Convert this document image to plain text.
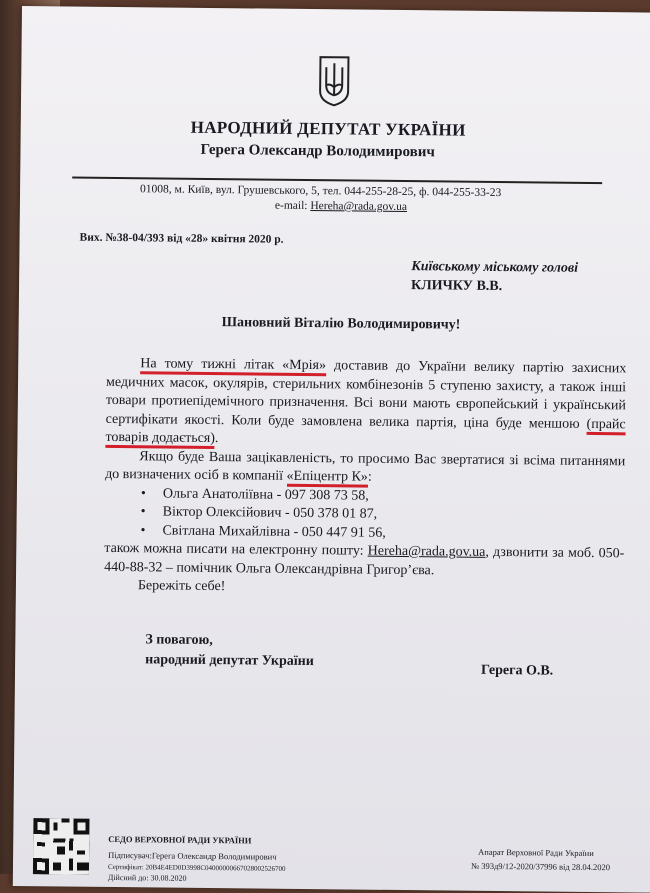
НАРОДНИЙ ДЕПУТАТ УКРАЇНИ
Герега Олександр Володимирович
01008, м. Київ, вул. Грушевського, 5, тел. 044-255-28-25, ф. 044-255-33-23
e-mail: Hereha@rada.gov.ua
Вих. №38-04/393 від «28» квітня 2020 р.
Київському міському голові
КЛИЧКУ В.В.
Шановний Віталію Володимировичу!

На тому тижні літак «Мрія» доставив до України велику партію захисних медичних масок, окулярів, стерильних комбінезонів 5 ступеню захисту, а також інші товари протиепідемічного призначення. Всі вони мають європейський і український сертифікати якості. Коли буде замовлена велика партія, ціна буде меншою (прайс товарів додається).

Якщо буде Ваша зацікавленість, то просимо Вас звертатися зі всіма питаннями до визначених осіб в компанії «Епіцентр К»:

• Ольга Анатоліївна - 097 308 73 58,
• Віктор Олексійович - 050 378 01 87,
• Світлана Михайлівна - 050 447 91 56,

також можна писати на електронну пошту: Hereha@rada.gov.ua, дзвонити за моб. 050-440-88-32 – помічник Ольга Олександрівна Григор’єва.

Бережіть себе!

З повагою,
народний депутат України
Герега О.В.
СЕДО ВЕРХОВНОЇ РАДИ УКРАЇНИ
Підписувач:Герега Олександр Володимирович
Сертифікат: 20B4E4ED0D3998C04000000667028002526700
Дійсний до: 30.08.2020
Апарат Верховної Ради України
№ 393д9/12-2020/37996 від 28.04.2020
